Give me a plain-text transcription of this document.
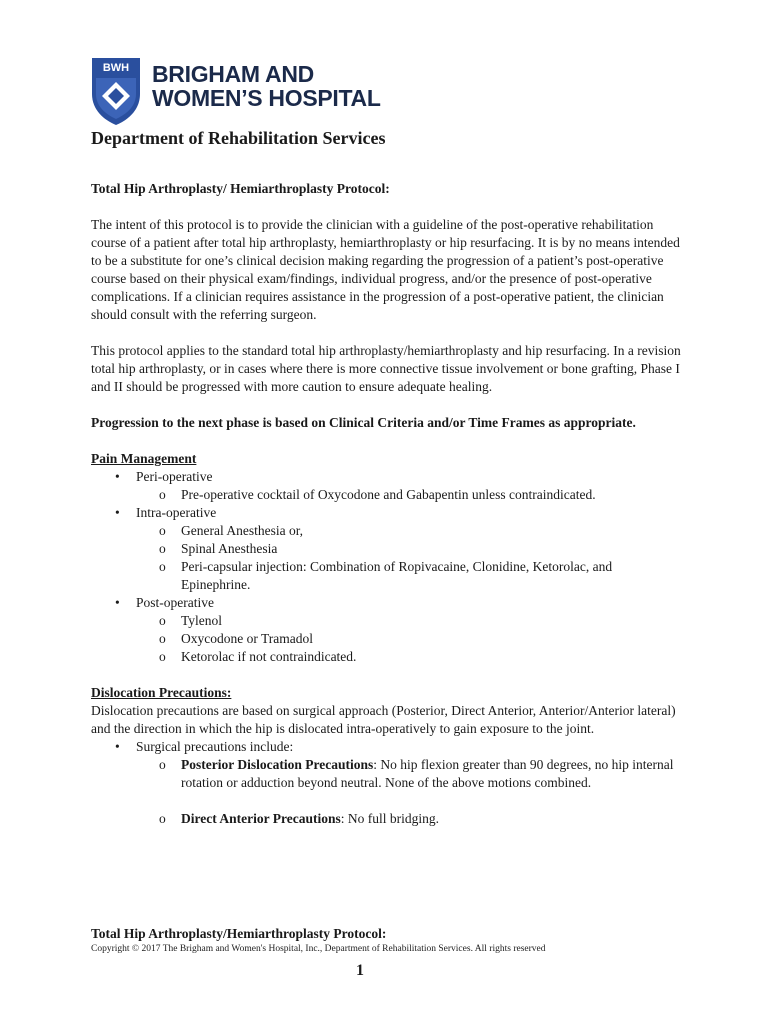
BWH BRIGHAM AND
WOMEN’S HOSPITAL
Department of Rehabilitation Services

Total Hip Arthroplasty/ Hemiarthroplasty Protocol:

The intent of this protocol is to provide the clinician with a guideline of the post-operative rehabilitation course of a patient after total hip arthroplasty, hemiarthroplasty or hip resurfacing. It is by no means intended to be a substitute for one’s clinical decision making regarding the progression of a patient’s post-operative course based on their physical exam/findings, individual progress, and/or the presence of post-operative complications. If a clinician requires assistance in the progression of a post-operative patient, the clinician should consult with the referring surgeon.

This protocol applies to the standard total hip arthroplasty/hemiarthroplasty and hip resurfacing. In a revision total hip arthroplasty, or in cases where there is more connective tissue involvement or bone grafting, Phase I and II should be progressed with more caution to ensure adequate healing.

Progression to the next phase is based on Clinical Criteria and/or Time Frames as appropriate.

Pain Management

• Peri-operative
o Pre-operative cocktail of Oxycodone and Gabapentin unless contraindicated.
• Intra-operative
o General Anesthesia or,
o Spinal Anesthesia
o Peri-capsular injection: Combination of Ropivacaine, Clonidine, Ketorolac, and Epinephrine.
• Post-operative
o Tylenol
o Oxycodone or Tramadol
o Ketorolac if not contraindicated.

Dislocation Precautions:

Dislocation precautions are based on surgical approach (Posterior, Direct Anterior, Anterior/Anterior lateral) and the direction in which the hip is dislocated intra-operatively to gain exposure to the joint.

• Surgical precautions include:
o Posterior Dislocation Precautions: No hip flexion greater than 90 degrees, no hip internal rotation or adduction beyond neutral. None of the above motions combined.
o Direct Anterior Precautions: No full bridging.
Total Hip Arthroplasty/Hemiarthroplasty Protocol:
Copyright © 2017 The Brigham and Women's Hospital, Inc., Department of Rehabilitation Services. All rights reserved
1
